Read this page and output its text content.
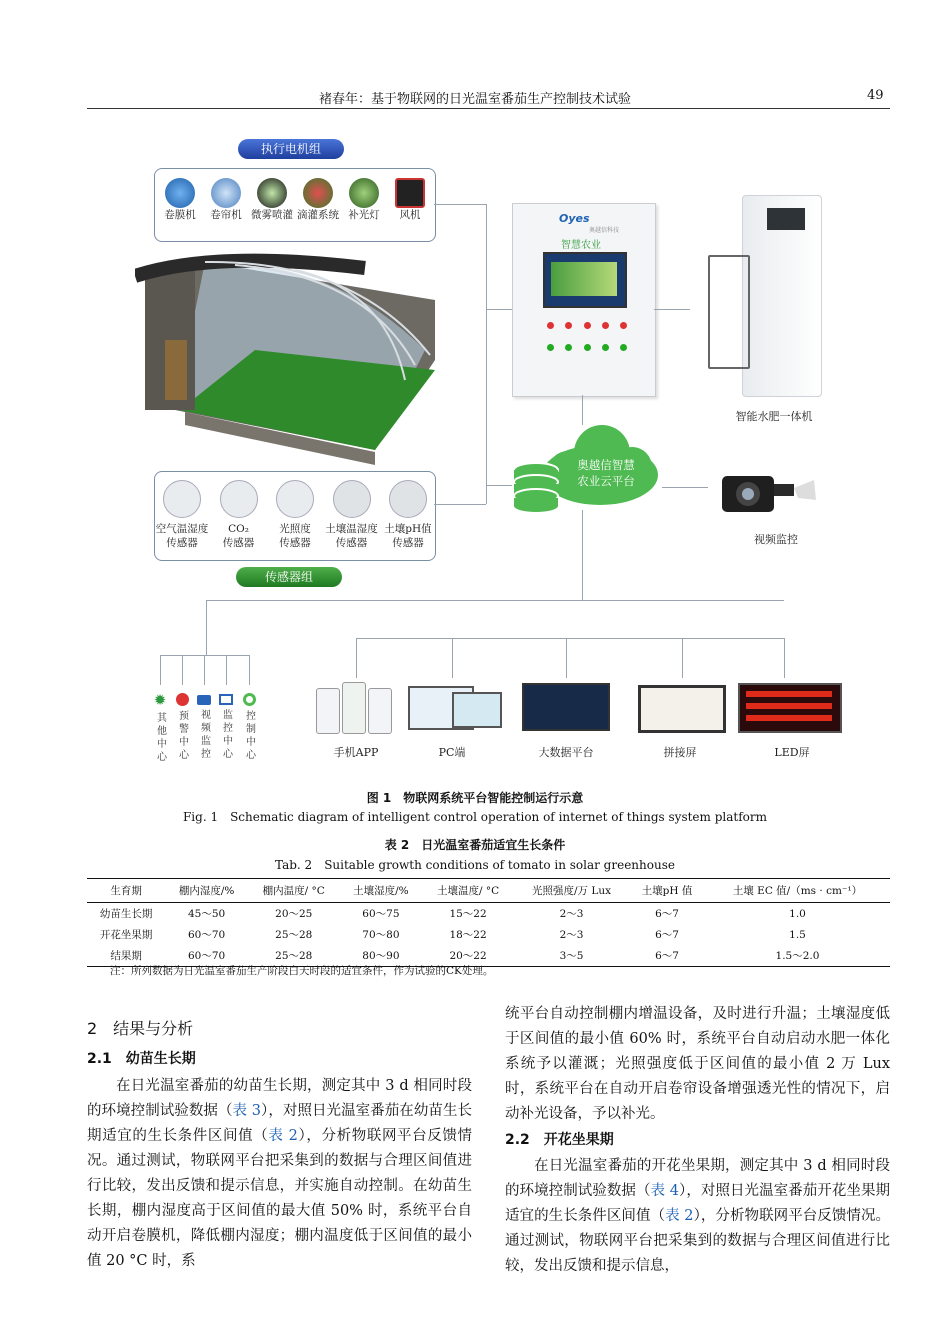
褚春年：基于物联网的日光温室番茄生产控制技术试验	49
执行电机组
卷膜机	卷帘机 微雾喷灌 滴灌系统 补光灯	风机
空气温湿度
传感器
CO₂
传感器
光照度
传感器
土壤温湿度
传感器
土壤pH值
传感器
传感器组
Oyes
奥越信科技
智慧农业
智能水肥一体机
奥越信智慧
农业云平台
视频监控
✹
其他中心 预警中心 视频监控 监控中心 控制中心	手机APP	PC端	大数据平台	拼接屏	LED屏
图 1　物联网系统平台智能控制运行示意
Fig. 1　Schematic diagram of intelligent control operation of internet of things system platform
表 2　日光温室番茄适宜生长条件
Tab. 2　Suitable growth conditions of tomato in solar greenhouse
生育期	棚内湿度/%	棚内温度/ °C	土壤湿度/%	土壤温度/ °C	光照强度/万 Lux	土壤pH 值	土壤 EC 值/（ms · cm⁻¹）
幼苗生长期	45～50	20～25	60～75	15～22	2～3	6～7	1.0
开花坐果期	60～70	25～28	70～80	18～22	2～3	6～7	1.5
结果期	60～70	25～28	80～90	20～22	3～5	6～7	1.5～2.0
注：所列数据为日光温室番茄生产阶段白天时段的适宜条件，作为试验的CK处理。
2　结果与分析
2.1　幼苗生长期

在日光温室番茄的幼苗生长期，测定其中 3 d 相同时段的环境控制试验数据（表 3），对照日光温室番茄在幼苗生长期适宜的生长条件区间值（表 2），分析物联网平台反馈情况。通过测试，物联网平台把采集到的数据与合理区间值进行比较，发出反馈和提示信息，并实施自动控制。在幼苗生长期，棚内湿度高于区间值的最大值 50% 时，系统平台自动开启卷膜机，降低棚内湿度；棚内温度低于区间值的最小值 20 °C 时，系

统平台自动控制棚内增温设备，及时进行升温；土壤湿度低于区间值的最小值 60% 时，系统平台自动启动水肥一体化系统予以灌溉；光照强度低于区间值的最小值 2 万 Lux 时，系统平台在自动开启卷帘设备增强透光性的情况下，启动补光设备，予以补光。

2.2　开花坐果期

在日光温室番茄的开花坐果期，测定其中 3 d 相同时段的环境控制试验数据（表 4），对照日光温室番茄开花坐果期适宜的生长条件区间值（表 2），分析物联网平台反馈情况。通过测试，物联网平台把采集到的数据与合理区间值进行比较，发出反馈和提示信息，
